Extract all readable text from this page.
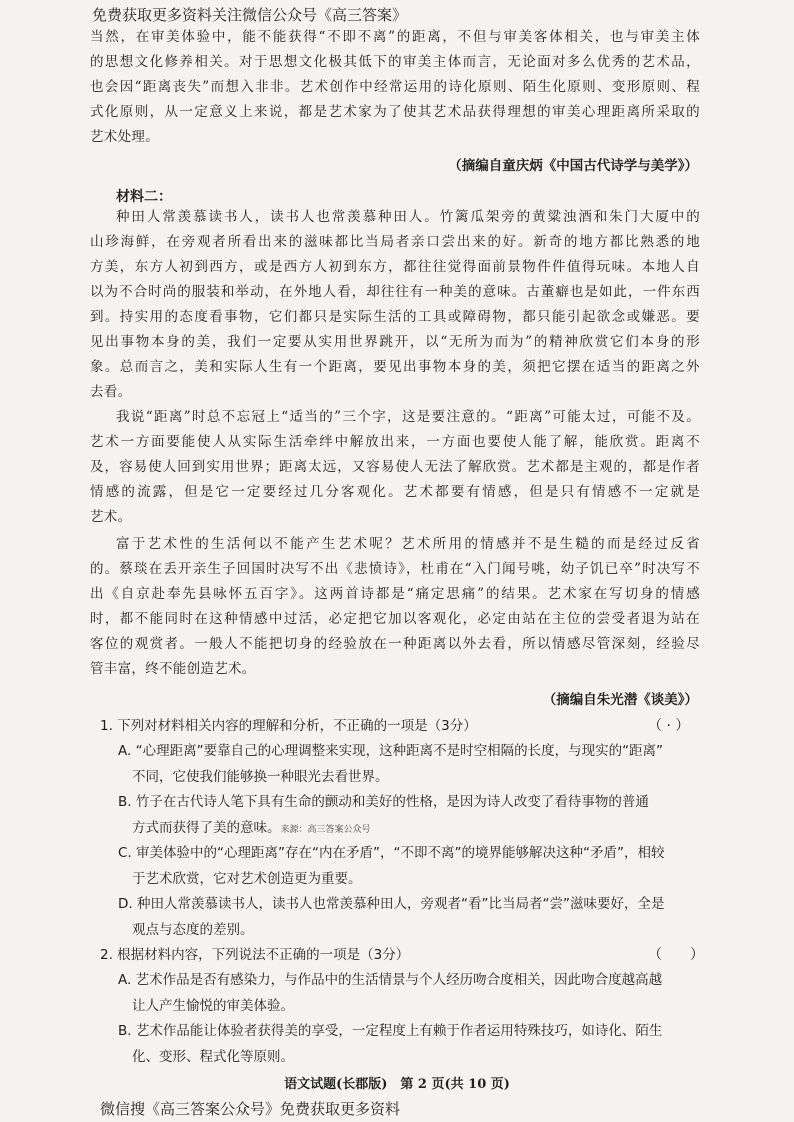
免费获取更多资料关注微信公众号《高三答案》
当然，在审美体验中，能不能获得“不即不离”的距离，不但与审美客体相关，也与审美主体
的思想文化修养相关。对于思想文化极其低下的审美主体而言，无论面对多么优秀的艺术品，
也会因“距离丧失”而想入非非。艺术创作中经常运用的诗化原则、陌生化原则、变形原则、程
式化原则，从一定意义上来说，都是艺术家为了使其艺术品获得理想的审美心理距离所采取的
艺术处理。
（摘编自童庆炳《中国古代诗学与美学》）
材料二：
种田人常羡慕读书人，读书人也常羡慕种田人。竹篱瓜架旁的黄粱浊酒和朱门大厦中的
山珍海鲜，在旁观者所看出来的滋味都比当局者亲口尝出来的好。新奇的地方都比熟悉的地
方美，东方人初到西方，或是西方人初到东方，都往往觉得面前景物件件值得玩味。本地人自
以为不合时尚的服装和举动，在外地人看，却往往有一种美的意味。古董癖也是如此，一件东西
到。持实用的态度看事物，它们都只是实际生活的工具或障碍物，都只能引起欲念或嫌恶。要
见出事物本身的美，我们一定要从实用世界跳开，以“无所为而为”的精神欣赏它们本身的形
象。总而言之，美和实际人生有一个距离，要见出事物本身的美，须把它摆在适当的距离之外
去看。
我说“距离”时总不忘冠上“适当的”三个字，这是要注意的。“距离”可能太过，可能不及。
艺术一方面要能使人从实际生活牵绊中解放出来，一方面也要使人能了解，能欣赏。距离不
及，容易使人回到实用世界；距离太远，又容易使人无法了解欣赏。艺术都是主观的，都是作者
情感的流露，但是它一定要经过几分客观化。艺术都要有情感，但是只有情感不一定就是
艺术。
富于艺术性的生活何以不能产生艺术呢？艺术所用的情感并不是生糙的而是经过反省
的。蔡琰在丢开亲生子回国时决写不出《悲愤诗》，杜甫在“入门闻号咷，幼子饥已卒”时决写不
出《自京赴奉先县咏怀五百字》。这两首诗都是“痛定思痛”的结果。艺术家在写切身的情感
时，都不能同时在这种情感中过活，必定把它加以客观化，必定由站在主位的尝受者退为站在
客位的观赏者。一般人不能把切身的经验放在一种距离以外去看，所以情感尽管深刻，经验尽
管丰富，终不能创造艺术。
（摘编自朱光潜《谈美》）
1. 下列对材料相关内容的理解和分析，不正确的一项是（3分）	（ · ）
A. “心理距离”要靠自己的心理调整来实现，这种距离不是时空相隔的长度，与现实的“距离”
不同，它使我们能够换一种眼光去看世界。
B. 竹子在古代诗人笔下具有生命的颤动和美好的性格，是因为诗人改变了看待事物的普通
方式而获得了美的意味。来源：高三答案公众号
C. 审美体验中的“心理距离”存在“内在矛盾”，“不即不离”的境界能够解决这种“矛盾”，相较
于艺术欣赏，它对艺术创造更为重要。
D. 种田人常羡慕读书人，读书人也常羡慕种田人，旁观者“看”比当局者“尝”滋味要好，全是
观点与态度的差别。
2. 根据材料内容，下列说法不正确的一项是（3分）	（　　）
A. 艺术作品是否有感染力，与作品中的生活情景与个人经历吻合度相关，因此吻合度越高越
让人产生愉悦的审美体验。
B. 艺术作品能让体验者获得美的享受，一定程度上有赖于作者运用特殊技巧，如诗化、陌生
化、变形、程式化等原则。
语文试题(长郡版)　第 2 页(共 10 页)
微信搜《高三答案公众号》免费获取更多资料
